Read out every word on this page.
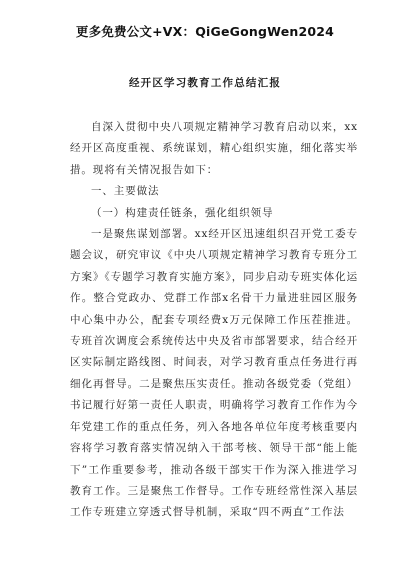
更多免费公文+VX：QiGeGongWen2024
经开区学习教育工作总结汇报

自深入贯彻中央八项规定精神学习教育启动以来，xx经开区高度重视、系统谋划，精心组织实施，细化落实举措。现将有关情况报告如下：

一、主要做法

（一）构建责任链条，强化组织领导

一是聚焦谋划部署。xx经开区迅速组织召开党工委专题会议，研究审议《中央八项规定精神学习教育专班分工方案》《专题学习教育实施方案》，同步启动专班实体化运作。整合党政办、党群工作部x名骨干力量进驻园区服务中心集中办公，配套专项经费x万元保障工作压茬推进。专班首次调度会系统传达中央及省市部署要求，结合经开区实际制定路线图、时间表，对学习教育重点任务进行再细化再督导。二是聚焦压实责任。推动各级党委（党组）书记履行好第一责任人职责，明确将学习教育工作作为今年党建工作的重点任务，列入各地各单位年度考核重要内容将学习教育落实情况纳入干部考核、领导干部“能上能下”工作重要参考，推动各级干部实干作为深入推进学习教育工作。三是聚焦工作督导。工作专班经常性深入基层工作专班建立穿透式督导机制，采取“四不两直”工作法
